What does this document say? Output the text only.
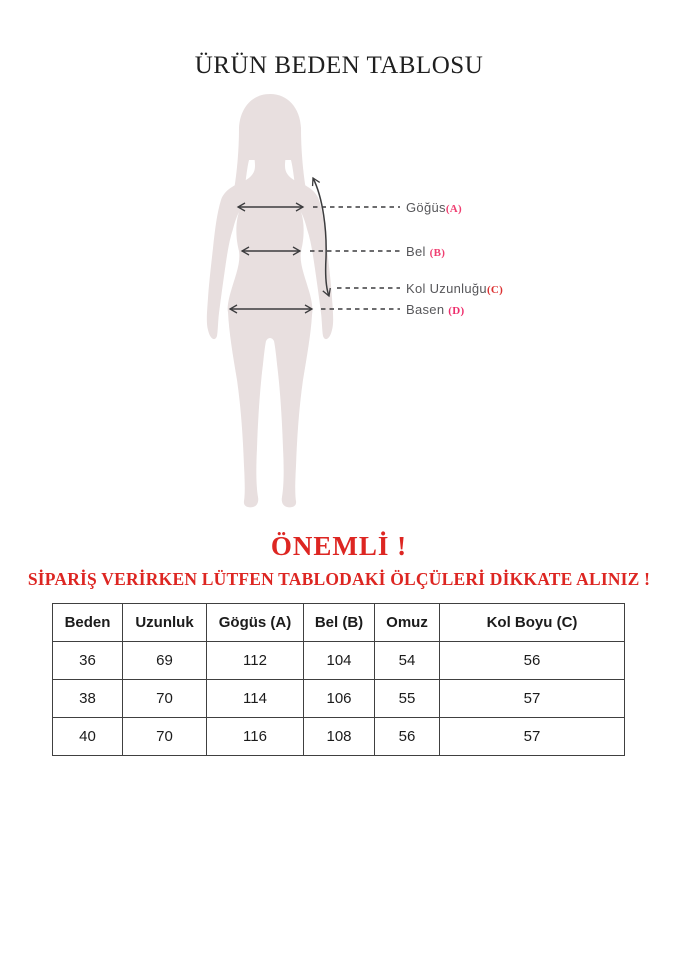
ÜRÜN BEDEN TABLOSU
Göğüs(A)
Bel (B)
Kol Uzunluğu(C)
Basen (D)
ÖNEMLİ !
SİPARİŞ VERİRKEN LÜTFEN TABLODAKİ ÖLÇÜLERİ DİKKATE ALINIZ !
Beden	Uzunluk	Gögüs (A)	Bel (B)	Omuz	Kol Boyu (C)
36	69	112	104	54	56
38	70	114	106	55	57
40	70	116	108	56	57
